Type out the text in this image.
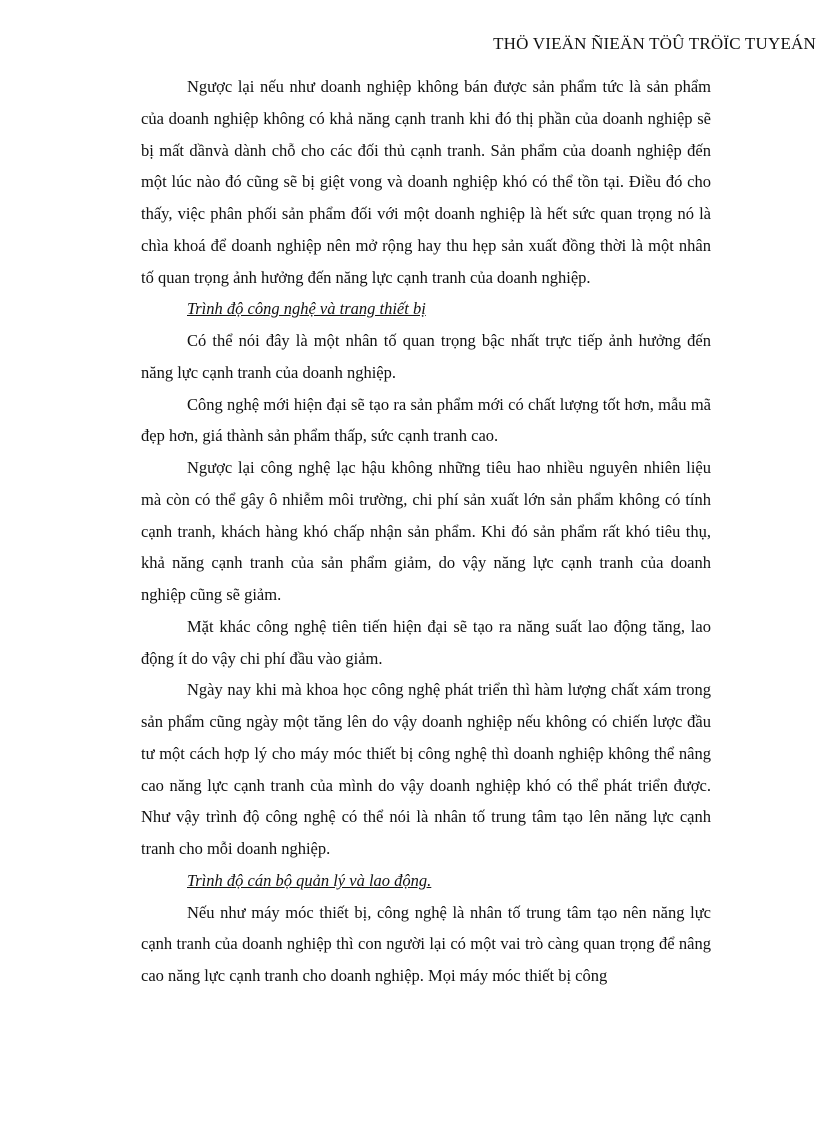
THÖ VIEÄN ÑIEÄN TÖÛ TRÖÏC TUYEÁN

Ngược lại nếu như doanh nghiệp không bán được sản phẩm tức là sản phẩm của doanh nghiệp không có khả năng cạnh tranh khi đó thị phần của doanh nghiệp sẽ bị mất dầnvà dành chỗ cho các đối thủ cạnh tranh. Sản phẩm của doanh nghiệp đến một lúc nào đó cũng sẽ bị giệt vong và doanh nghiệp khó có thể tồn tại. Điều đó cho thấy, việc phân phối sản phẩm đối với một doanh nghiệp là hết sức quan trọng nó là chìa khoá để doanh nghiệp nên mở rộng hay thu hẹp sản xuất đồng thời là một nhân tố quan trọng ảnh hưởng đến năng lực cạnh tranh của doanh nghiệp.

Trình độ công nghệ và trang thiết bị

Có thể nói đây là một nhân tố quan trọng bậc nhất trực tiếp ảnh hưởng đến năng lực cạnh tranh của doanh nghiệp.

Công nghệ mới hiện đại sẽ tạo ra sản phẩm mới có chất lượng tốt hơn, mẫu mã đẹp hơn, giá thành sản phẩm thấp, sức cạnh tranh cao.

Ngược lại công nghệ lạc hậu không những tiêu hao nhiều nguyên nhiên liệu mà còn có thể gây ô nhiễm môi trường, chi phí sản xuất lớn sản phẩm không có tính cạnh tranh, khách hàng khó chấp nhận sản phẩm. Khi đó sản phẩm rất khó tiêu thụ, khả năng cạnh tranh của sản phẩm giảm, do vậy năng lực cạnh tranh của doanh nghiệp cũng sẽ giảm.

Mặt khác công nghệ tiên tiến hiện đại sẽ tạo ra năng suất lao động tăng, lao động ít do vậy chi phí đầu vào giảm.

Ngày nay khi mà khoa học công nghệ phát triển thì hàm lượng chất xám trong sản phẩm cũng ngày một tăng lên do vậy doanh nghiệp nếu không có chiến lược đầu tư một cách hợp lý cho máy móc thiết bị công nghệ thì doanh nghiệp không thể nâng cao năng lực cạnh tranh của mình do vậy doanh nghiệp khó có thể phát triển được. Như vậy trình độ công nghệ có thể nói là nhân tố trung tâm tạo lên năng lực cạnh tranh cho mỗi doanh nghiệp.

Trình độ cán bộ quản lý và lao động.

Nếu như máy móc thiết bị, công nghệ là nhân tố trung tâm tạo nên năng lực cạnh tranh của doanh nghiệp thì con người lại có một vai trò càng quan trọng để nâng cao năng lực cạnh tranh cho doanh nghiệp. Mọi máy móc thiết bị công
